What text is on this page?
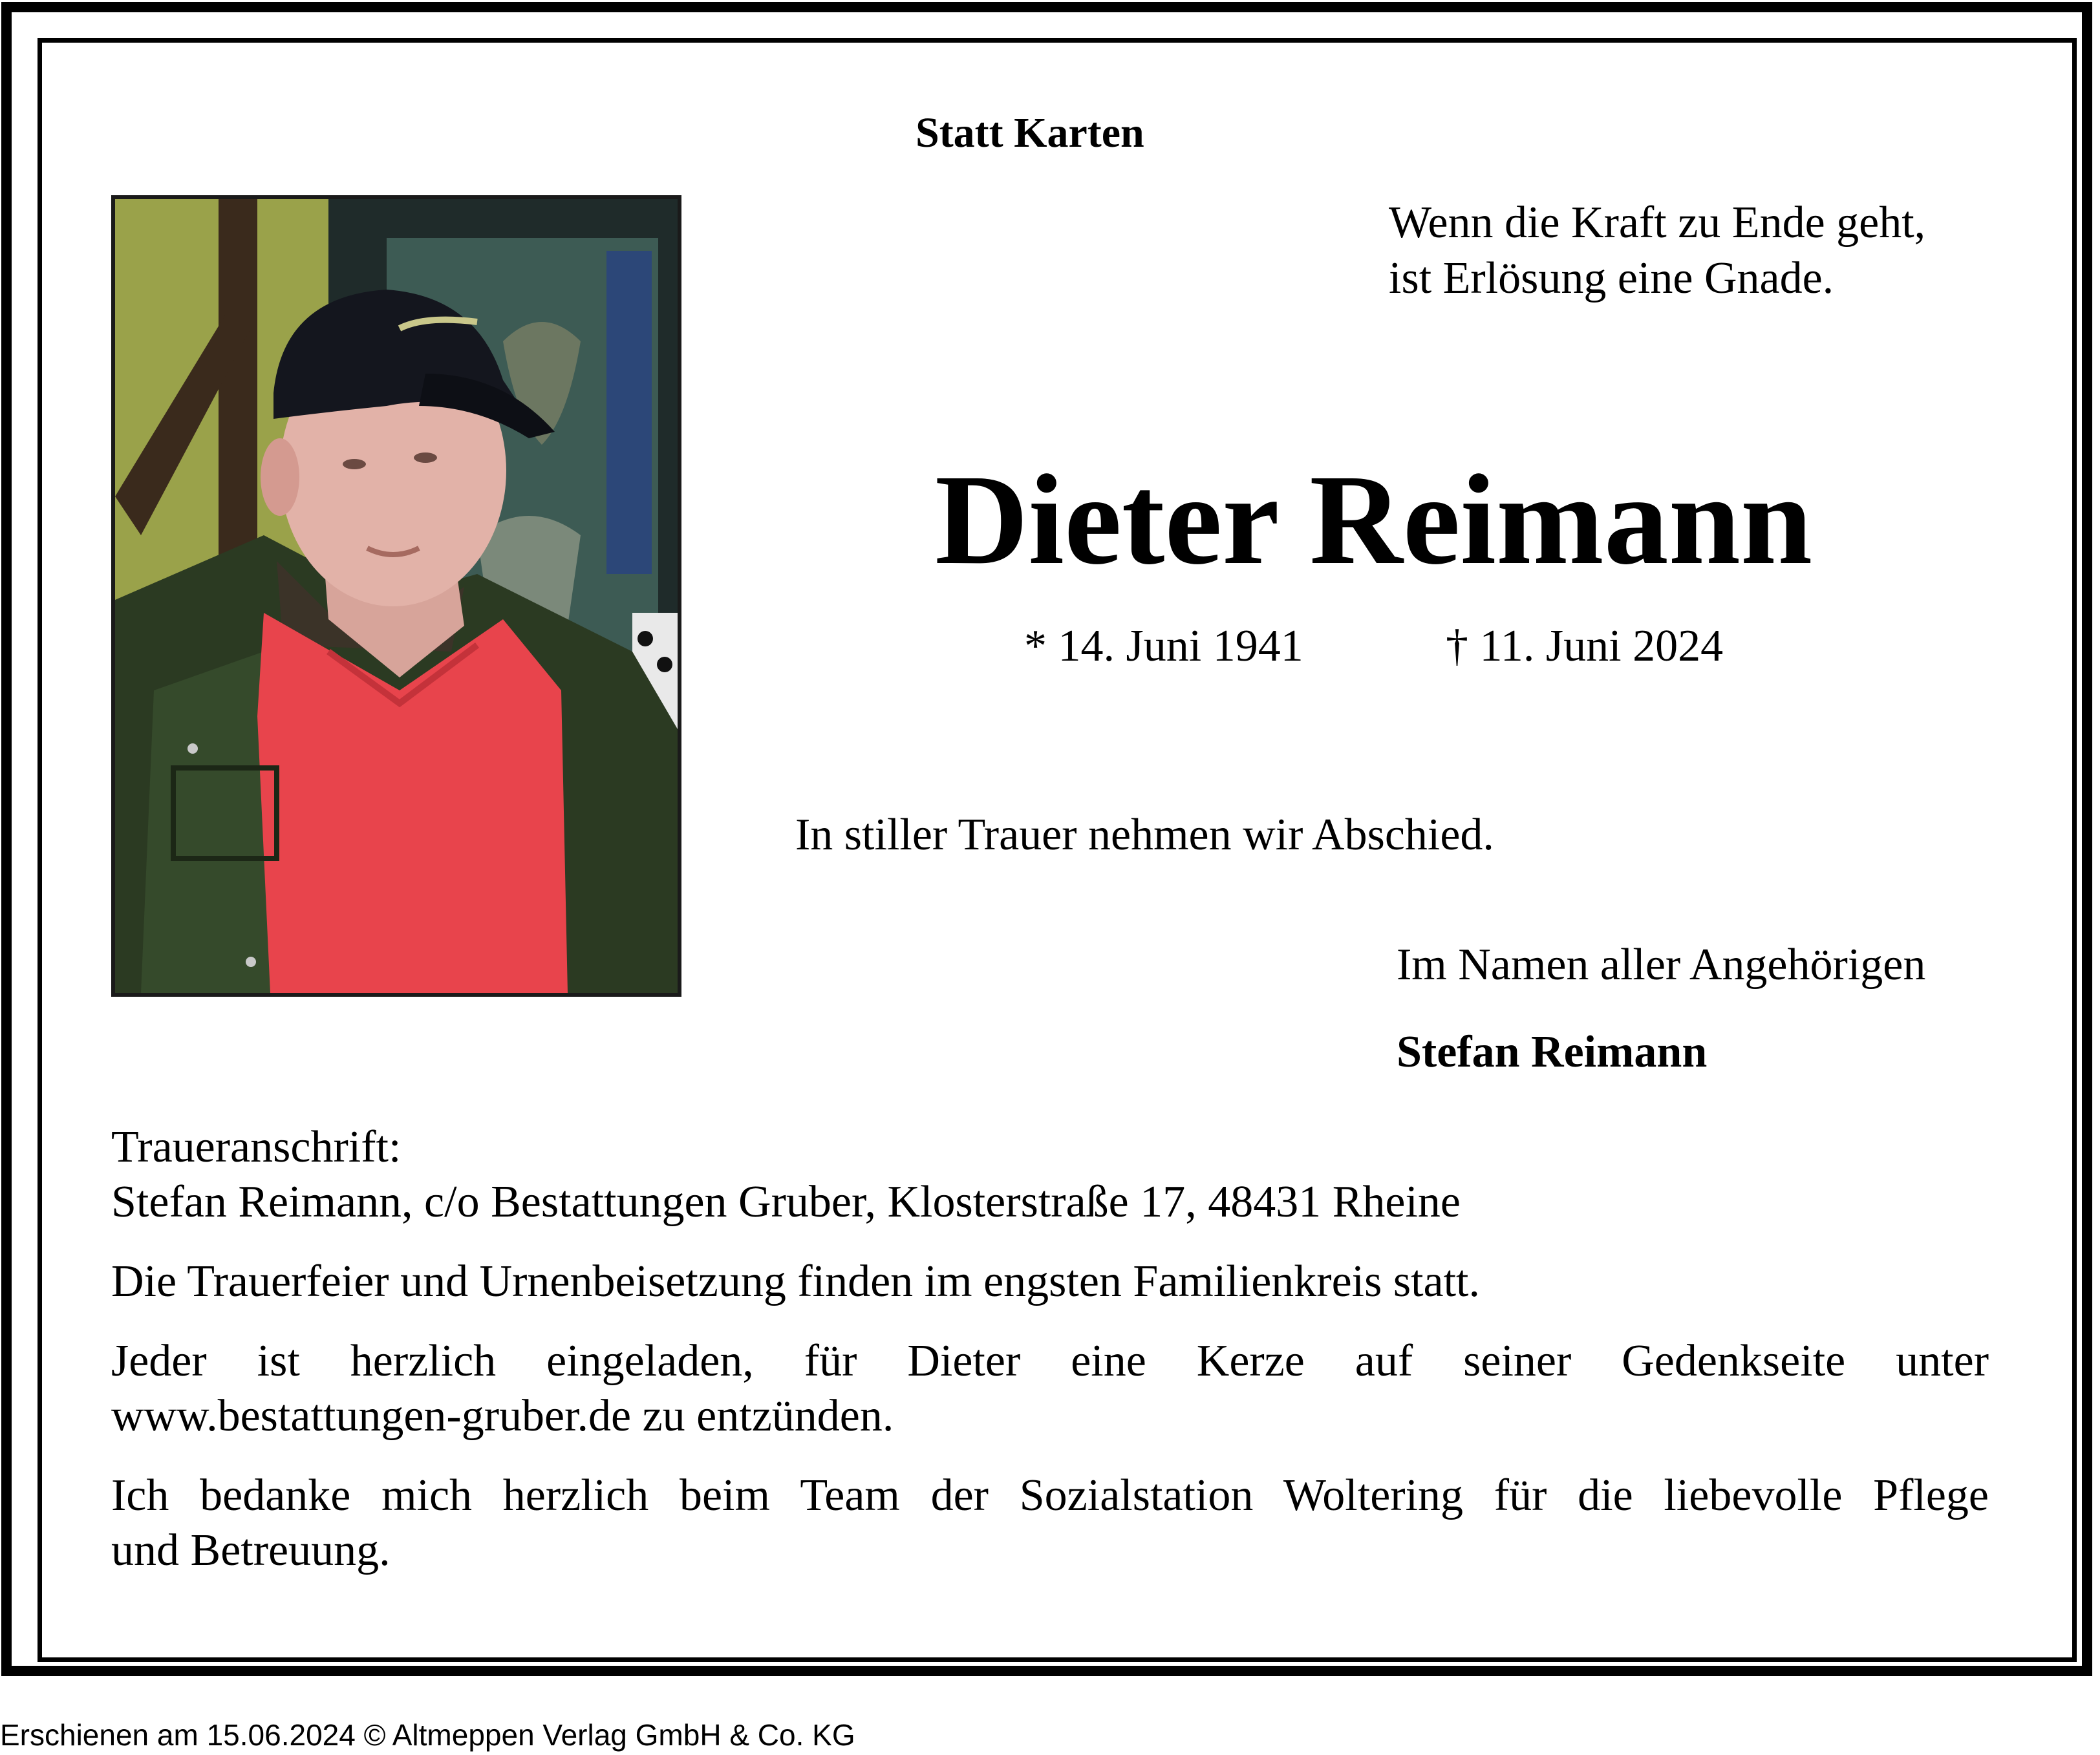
Statt Karten
Wenn die Kraft zu Ende geht,
ist Erlösung eine Gnade.
Dieter Reimann
* 14. Juni 1941	† 11. Juni 2024
In stiller Trauer nehmen wir Abschied.
Im Namen aller Angehörigen
Stefan Reimann

Traueranschrift:
Stefan Reimann, c/o Bestattungen Gruber, Klosterstraße 17, 48431 Rheine

Die Trauerfeier und Urnenbeisetzung finden im engsten Familienkreis statt.

Jeder ist herzlich eingeladen, für Dieter eine Kerze auf seiner Gedenkseite unter
www.bestattungen-gruber.de zu entzünden.

Ich bedanke mich herzlich beim Team der Sozialstation Woltering für die liebevolle Pflege
und Betreuung.

Erschienen am 15.06.2024 © Altmeppen Verlag GmbH & Co. KG
